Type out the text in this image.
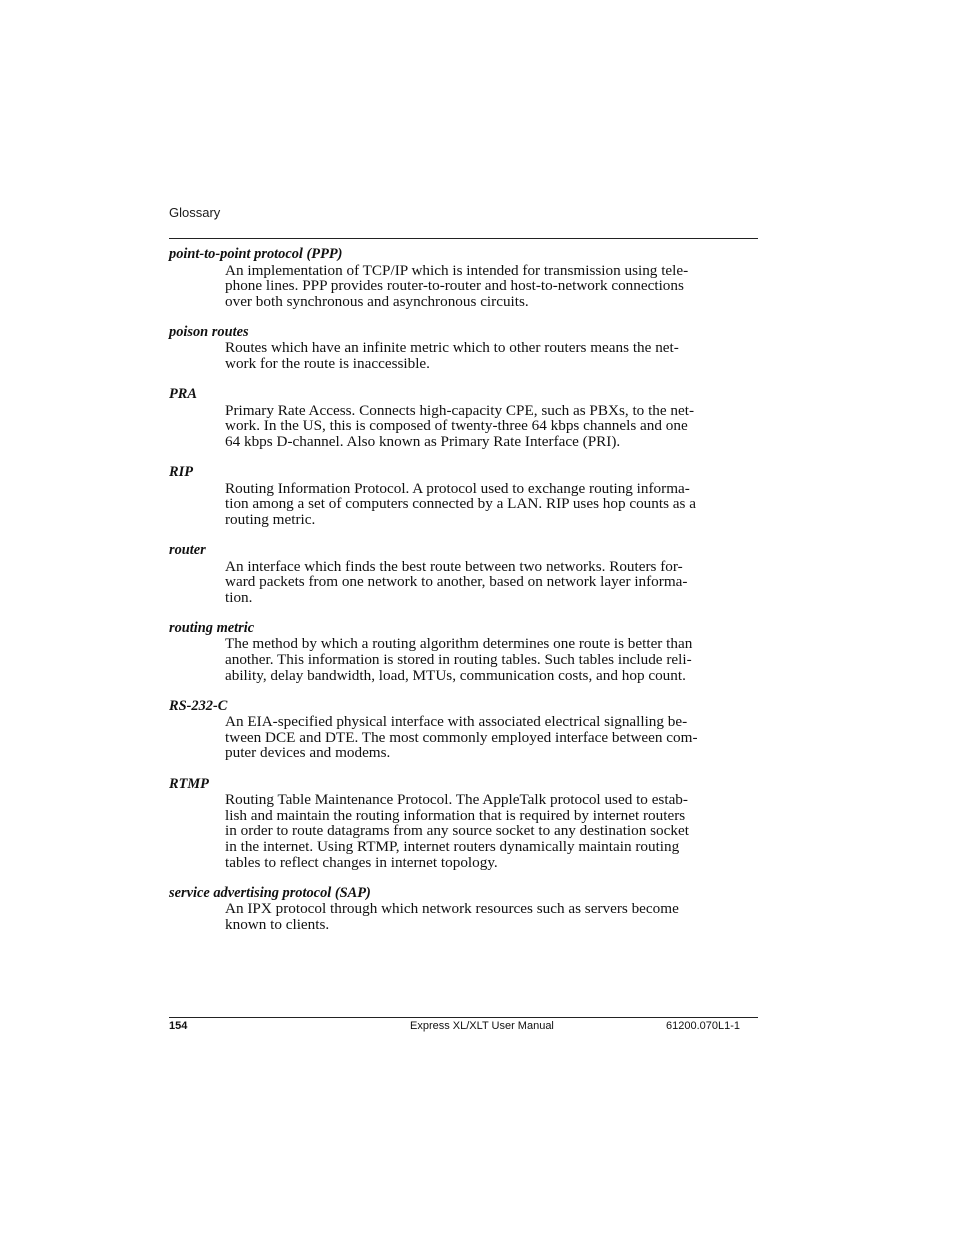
Glossary
point-to-point protocol (PPP)
An implementation of TCP/IP which is intended for transmission using tele-
phone lines. PPP provides router-to-router and host-to-network connections
over both synchronous and asynchronous circuits.
poison routes
Routes which have an infinite metric which to other routers means the net-
work for the route is inaccessible.
PRA
Primary Rate Access. Connects high-capacity CPE, such as PBXs, to the net-
work. In the US, this is composed of twenty-three 64 kbps channels and one
64 kbps D-channel. Also known as Primary Rate Interface (PRI).
RIP
Routing Information Protocol. A protocol used to exchange routing informa-
tion among a set of computers connected by a LAN. RIP uses hop counts as a
routing metric.
router
An interface which finds the best route between two networks. Routers for-
ward packets from one network to another, based on network layer informa-
tion.
routing metric
The method by which a routing algorithm determines one route is better than
another. This information is stored in routing tables. Such tables include reli-
ability, delay bandwidth, load, MTUs, communication costs, and hop count.
RS-232-C
An EIA-specified physical interface with associated electrical signalling be-
tween DCE and DTE. The most commonly employed interface between com-
puter devices and modems.
RTMP
Routing Table Maintenance Protocol. The AppleTalk protocol used to estab-
lish and maintain the routing information that is required by internet routers
in order to route datagrams from any source socket to any destination socket
in the internet. Using RTMP, internet routers dynamically maintain routing
tables to reflect changes in internet topology.
service advertising protocol (SAP)
An IPX protocol through which network resources such as servers become
known to clients.
154	Express XL/XLT User Manual	61200.070L1-1
